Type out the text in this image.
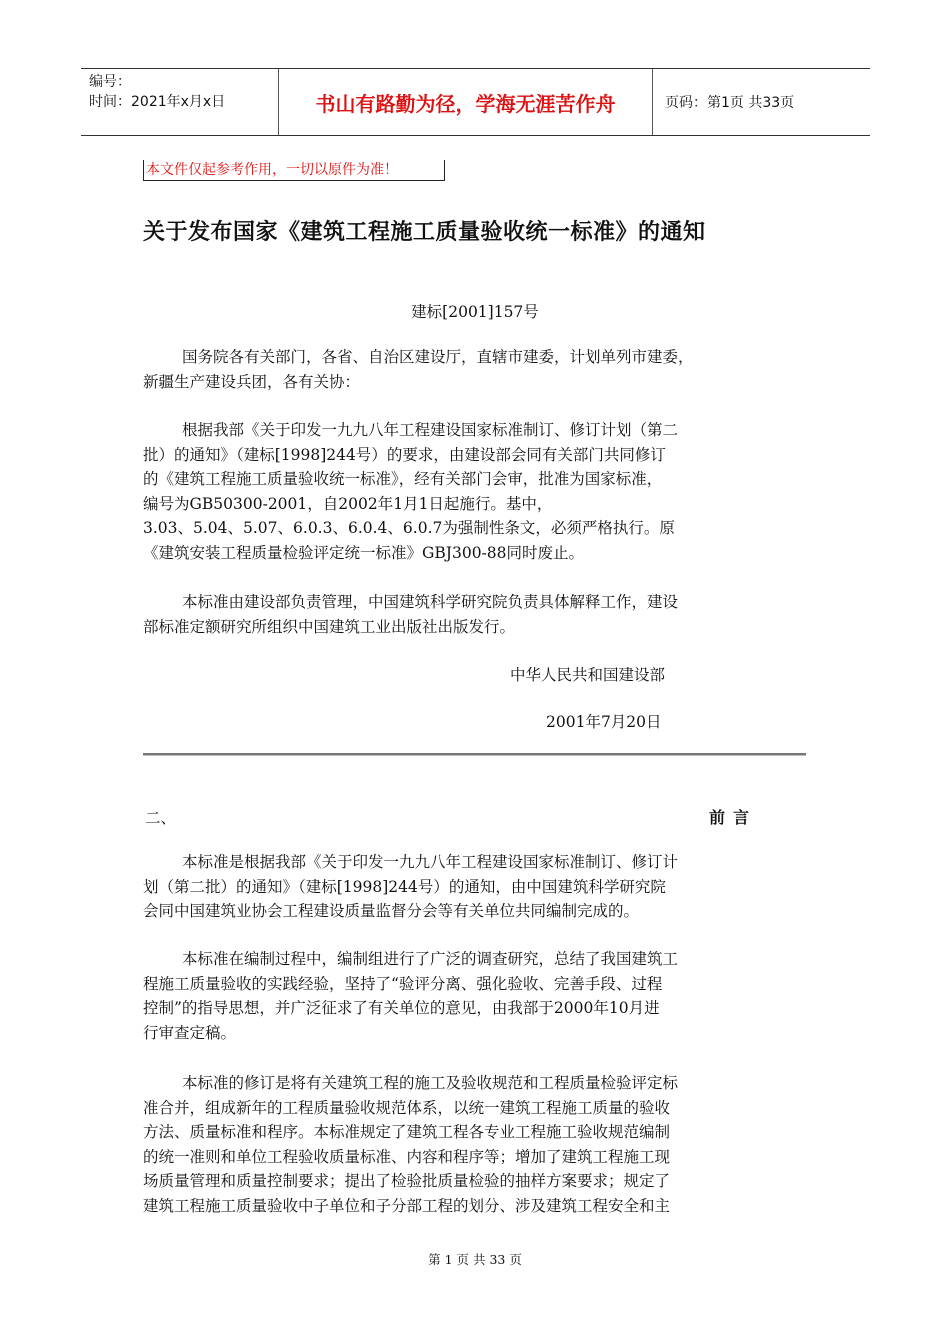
编号：
时间：2021年x月x日	书山有路勤为径，学海无涯苦作舟	页码：第1页 共33页
本文件仅起参考作用，一切以原件为准！
关于发布国家《建筑工程施工质量验收统一标准》的通知
建标[2001]157号
国务院各有关部门，各省、自治区建设厅，直辖市建委，计划单列市建委，
新疆生产建设兵团，各有关协：
根据我部《关于印发一九九八年工程建设国家标准制订、修订计划（第二
批）的通知》（建标[1998]244号）的要求，由建设部会同有关部门共同修订
的《建筑工程施工质量验收统一标准》，经有关部门会审，批准为国家标准，
编号为GB50300-2001，自2002年1月1日起施行。基中，
3.03、5.04、5.07、6.0.3、6.0.4、6.0.7为强制性条文，必须严格执行。原
《建筑安装工程质量检验评定统一标准》GBJ300-88同时废止。
本标准由建设部负责管理，中国建筑科学研究院负责具体解释工作，建设
部标准定额研究所组织中国建筑工业出版社出版发行。
中华人民共和国建设部
2001年7月20日
二、	前言
本标准是根据我部《关于印发一九九八年工程建设国家标准制订、修订计
划（第二批）的通知》（建标[1998]244号）的通知，由中国建筑科学研究院
会同中国建筑业协会工程建设质量监督分会等有关单位共同编制完成的。
本标准在编制过程中，编制组进行了广泛的调查研究，总结了我国建筑工
程施工质量验收的实践经验，坚持了“验评分离、强化验收、完善手段、过程
控制”的指导思想，并广泛征求了有关单位的意见，由我部于2000年10月进
行审查定稿。
本标准的修订是将有关建筑工程的施工及验收规范和工程质量检验评定标
准合并，组成新年的工程质量验收规范体系，以统一建筑工程施工质量的验收
方法、质量标准和程序。本标准规定了建筑工程各专业工程施工验收规范编制
的统一准则和单位工程验收质量标准、内容和程序等；增加了建筑工程施工现
场质量管理和质量控制要求；提出了检验批质量检验的抽样方案要求；规定了
建筑工程施工质量验收中子单位和子分部工程的划分、涉及建筑工程安全和主
第 1 页 共 33 页
